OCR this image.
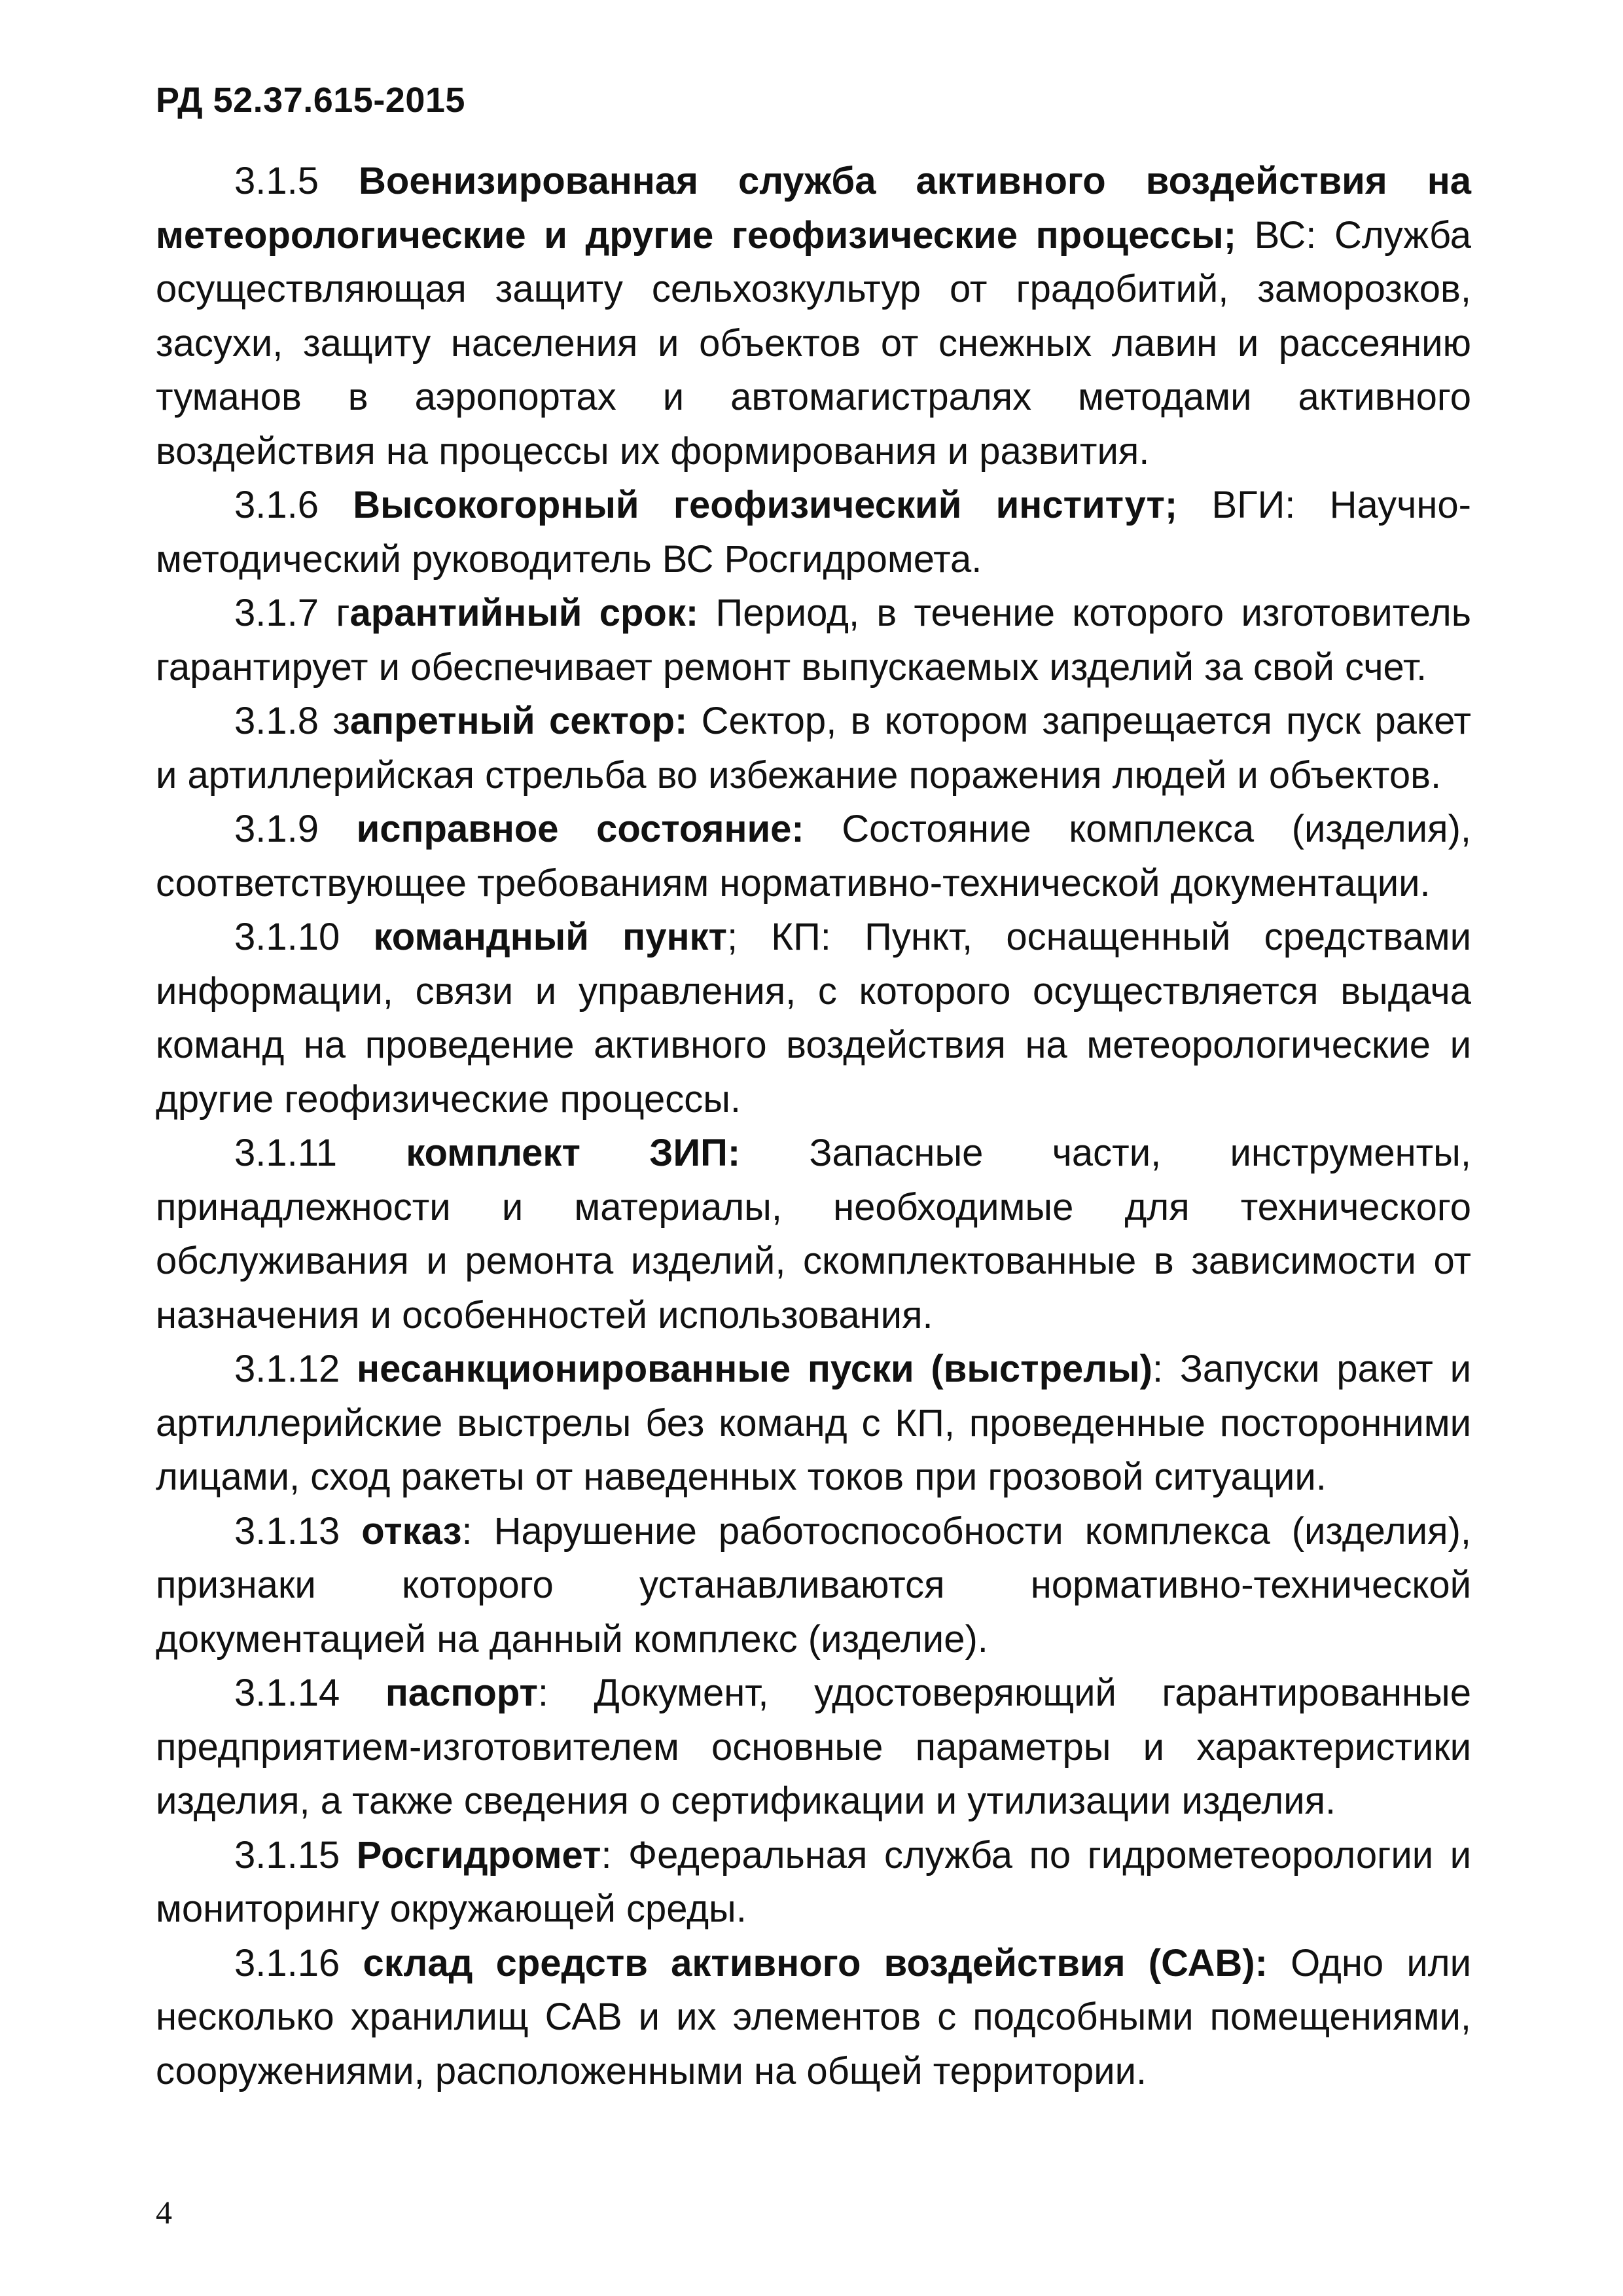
РД 52.37.615-2015

3.1.5 Военизированная служба активного воздействия на метеорологические и другие геофизические процессы; ВС: Служба осуществляющая защиту сельхозкультур от градобитий, заморозков, засухи, защиту населения и объектов от снежных лавин и рассеянию туманов в аэропортах и автомагистралях методами активного воздействия на процессы их формирования и развития.

3.1.6 Высокогорный геофизический институт; ВГИ: Научно-методический руководитель ВС Росгидромета.

3.1.7 гарантийный срок: Период, в течение которого изготовитель гарантирует и обеспечивает ремонт выпускаемых изделий за свой счет.

3.1.8 запретный сектор: Сектор, в котором запрещается пуск ракет и артиллерийская стрельба во избежание поражения людей и объектов.

3.1.9 исправное состояние: Состояние комплекса (изделия), соответствующее требованиям нормативно-технической документации.

3.1.10 командный пункт; КП: Пункт, оснащенный средствами информации, связи и управления, с которого осуществляется выдача команд на проведение активного воздействия на метеорологические и другие геофизические процессы.

3.1.11 комплект ЗИП: Запасные части, инструменты, принадлежности и материалы, необходимые для технического обслуживания и ремонта изделий, скомплектованные в зависимости от назначения и особенностей использования.

3.1.12 несанкционированные пуски (выстрелы): Запуски ракет и артиллерийские выстрелы без команд с КП, проведенные посторонними лицами, сход ракеты от наведенных токов при грозовой ситуации.

3.1.13 отказ: Нарушение работоспособности комплекса (изделия), признаки которого устанавливаются нормативно-технической документацией на данный комплекс (изделие).

3.1.14 паспорт: Документ, удостоверяющий гарантированные предприятием-изготовителем основные параметры и характеристики изделия, а также сведения о сертификации и утилизации изделия.

3.1.15 Росгидромет: Федеральная служба по гидрометеорологии и мониторингу окружающей среды.

3.1.16 склад средств активного воздействия (САВ): Одно или несколько хранилищ САВ и их элементов с подсобными помещениями, сооружениями, расположенными на общей территории.

4
